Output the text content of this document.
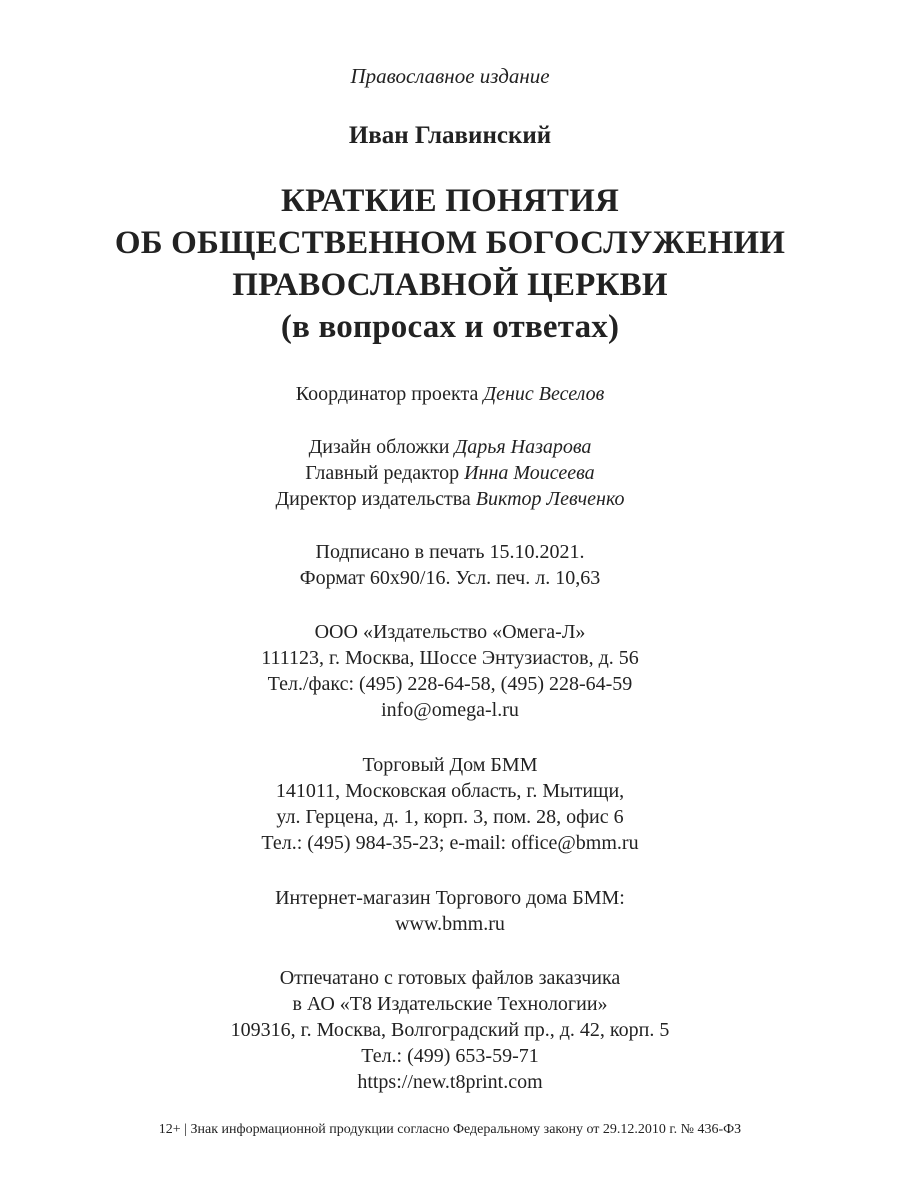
Православное издание
Иван Главинский
КРАТКИЕ ПОНЯТИЯ
ОБ ОБЩЕСТВЕННОМ БОГОСЛУЖЕНИИ
ПРАВОСЛАВНОЙ ЦЕРКВИ
(в вопросах и ответах)
Координатор проекта Денис Веселов
Дизайн обложки Дарья Назарова
Главный редактор Инна Моисеева
Директор издательства Виктор Левченко
Подписано в печать 15.10.2021.
Формат 60х90/16. Усл. печ. л. 10,63
ООО «Издательство «Омега-Л»
111123, г. Москва, Шоссе Энтузиастов, д. 56
Тел./факс: (495) 228-64-58, (495) 228-64-59
info@omega-l.ru
Торговый Дом БММ
141011, Московская область, г. Мытищи,
ул. Герцена, д. 1, корп. 3, пом. 28, офис 6
Тел.: (495) 984-35-23; e-mail: office@bmm.ru
Интернет-магазин Торгового дома БММ:
www.bmm.ru
Отпечатано с готовых файлов заказчика
в АО «Т8 Издательские Технологии»
109316, г. Москва, Волгоградский пр., д. 42, корп. 5
Тел.: (499) 653-59-71
https://new.t8print.com
12+ | Знак информационной продукции согласно Федеральному закону от 29.12.2010 г. № 436-ФЗ
